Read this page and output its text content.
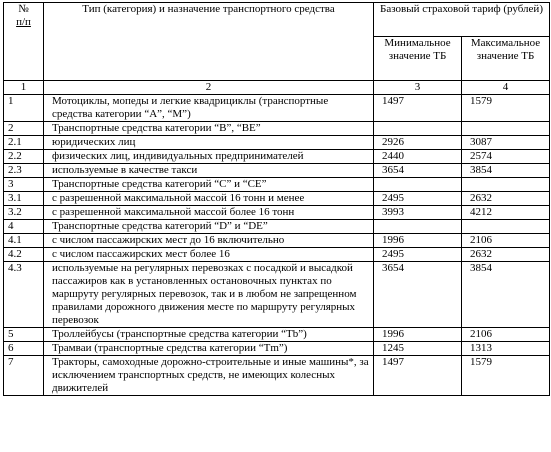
№
п/п	Тип (категория) и назначение транспортного средства	Базовый страховой тариф (рублей)	
		Минимальное значение ТБ	Максимальное значение ТБ
1	2	3	4
1	Мотоциклы, мопеды и легкие квадрициклы (транспортные средства категории “A”, “M”)	1497	1579
2	Транспортные средства категории “B”, “BE”		
2.1	юридических лиц	2926	3087
2.2	физических лиц, индивидуальных предпринимателей	2440	2574
2.3	используемые в качестве такси	3654	3854
3	Транспортные средства категорий “C” и “CE”		
3.1	с разрешенной максимальной массой 16 тонн и менее	2495	2632
3.2	с разрешенной максимальной массой более 16 тонн	3993	4212
4	Транспортные средства категорий “D” и “DE”		
4.1	с числом пассажирских мест до 16 включительно	1996	2106
4.2	с числом пассажирских мест более 16	2495	2632
4.3	используемые на регулярных перевозках с посадкой и высадкой пассажиров как в установленных остановочных пунктах по маршруту регулярных перевозок, так и в любом не запрещенном правилами дорожного движения месте по маршруту регулярных перевозок	3654	3854
5	Троллейбусы (транспортные средства категории “Tb”)	1996	2106
6	Трамваи (транспортные средства категории “Tm”)	1245	1313
7	Тракторы, самоходные дорожно-строительные и иные машины*, за исключением транспортных средств, не имеющих колесных движителей	1497	1579
